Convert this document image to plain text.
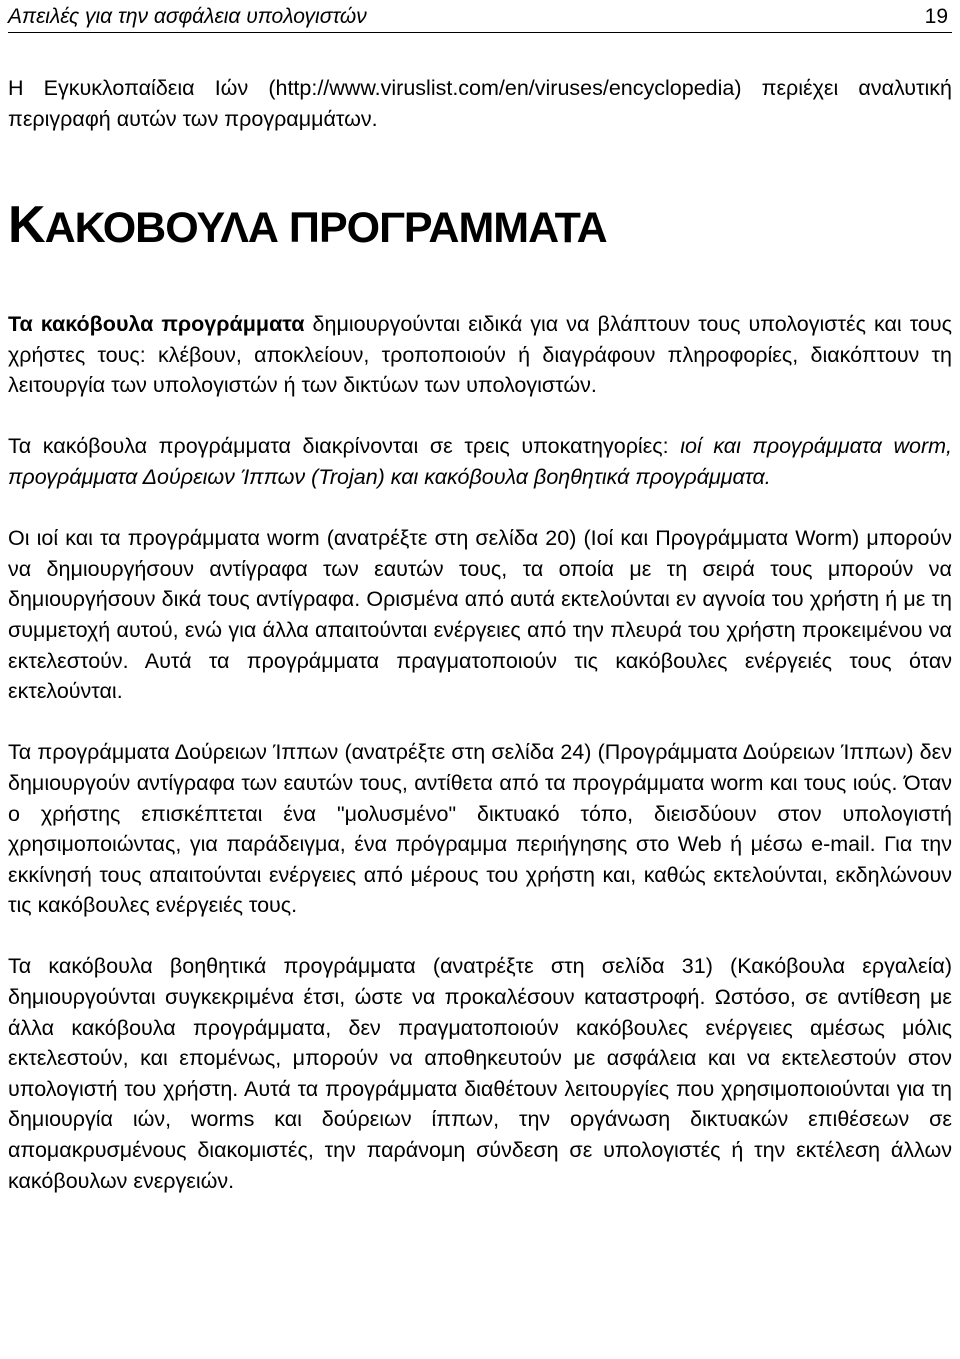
Απειλές για την ασφάλεια υπολογιστών	19
Η Εγκυκλοπαίδεια Ιών (http://www.viruslist.com/en/viruses/encyclopedia) περιέχει αναλυτική περιγραφή αυτών των προγραμμάτων.
ΚΑΚΟΒΟΥΛΑ ΠΡΟΓΡΑΜΜΑΤΑ

Τα κακόβουλα προγράμματα δημιουργούνται ειδικά για να βλάπτουν τους υπολογιστές και τους χρήστες τους: κλέβουν, αποκλείουν, τροποποιούν ή διαγράφουν πληροφορίες, διακόπτουν τη λειτουργία των υπολογιστών ή των δικτύων των υπολογιστών.

Τα κακόβουλα προγράμματα διακρίνονται σε τρεις υποκατηγορίες: ιοί και προγράμματα worm, προγράμματα Δούρειων Ίππων (Trojan) και κακόβουλα βοηθητικά προγράμματα.

Οι ιοί και τα προγράμματα worm (ανατρέξτε στη σελίδα 20) (Ιοί και Προγράμματα Worm) μπορούν να δημιουργήσουν αντίγραφα των εαυτών τους, τα οποία με τη σειρά τους μπορούν να δημιουργήσουν δικά τους αντίγραφα. Ορισμένα από αυτά εκτελούνται εν αγνοία του χρήστη ή με τη συμμετοχή αυτού, ενώ για άλλα απαιτούνται ενέργειες από την πλευρά του χρήστη προκειμένου να εκτελεστούν. Αυτά τα προγράμματα πραγματοποιούν τις κακόβουλες ενέργειές τους όταν εκτελούνται.

Τα προγράμματα Δούρειων Ίππων (ανατρέξτε στη σελίδα 24) (Προγράμματα Δούρειων Ίππων) δεν δημιουργούν αντίγραφα των εαυτών τους, αντίθετα από τα προγράμματα worm και τους ιούς. Όταν ο χρήστης επισκέπτεται ένα "μολυσμένο" δικτυακό τόπο, διεισδύουν στον υπολογιστή χρησιμοποιώντας, για παράδειγμα, ένα πρόγραμμα περιήγησης στο Web ή μέσω e-mail. Για την εκκίνησή τους απαιτούνται ενέργειες από μέρους του χρήστη και, καθώς εκτελούνται, εκδηλώνουν τις κακόβουλες ενέργειές τους.

Τα κακόβουλα βοηθητικά προγράμματα (ανατρέξτε στη σελίδα 31) (Κακόβουλα εργαλεία) δημιουργούνται συγκεκριμένα έτσι, ώστε να προκαλέσουν καταστροφή. Ωστόσο, σε αντίθεση με άλλα κακόβουλα προγράμματα, δεν πραγματοποιούν κακόβουλες ενέργειες αμέσως μόλις εκτελεστούν, και επομένως, μπορούν να αποθηκευτούν με ασφάλεια και να εκτελεστούν στον υπολογιστή του χρήστη. Αυτά τα προγράμματα διαθέτουν λειτουργίες που χρησιμοποιούνται για τη δημιουργία ιών, worms και δούρειων ίππων, την οργάνωση δικτυακών επιθέσεων σε απομακρυσμένους διακομιστές, την παράνομη σύνδεση σε υπολογιστές ή την εκτέλεση άλλων κακόβουλων ενεργειών.
